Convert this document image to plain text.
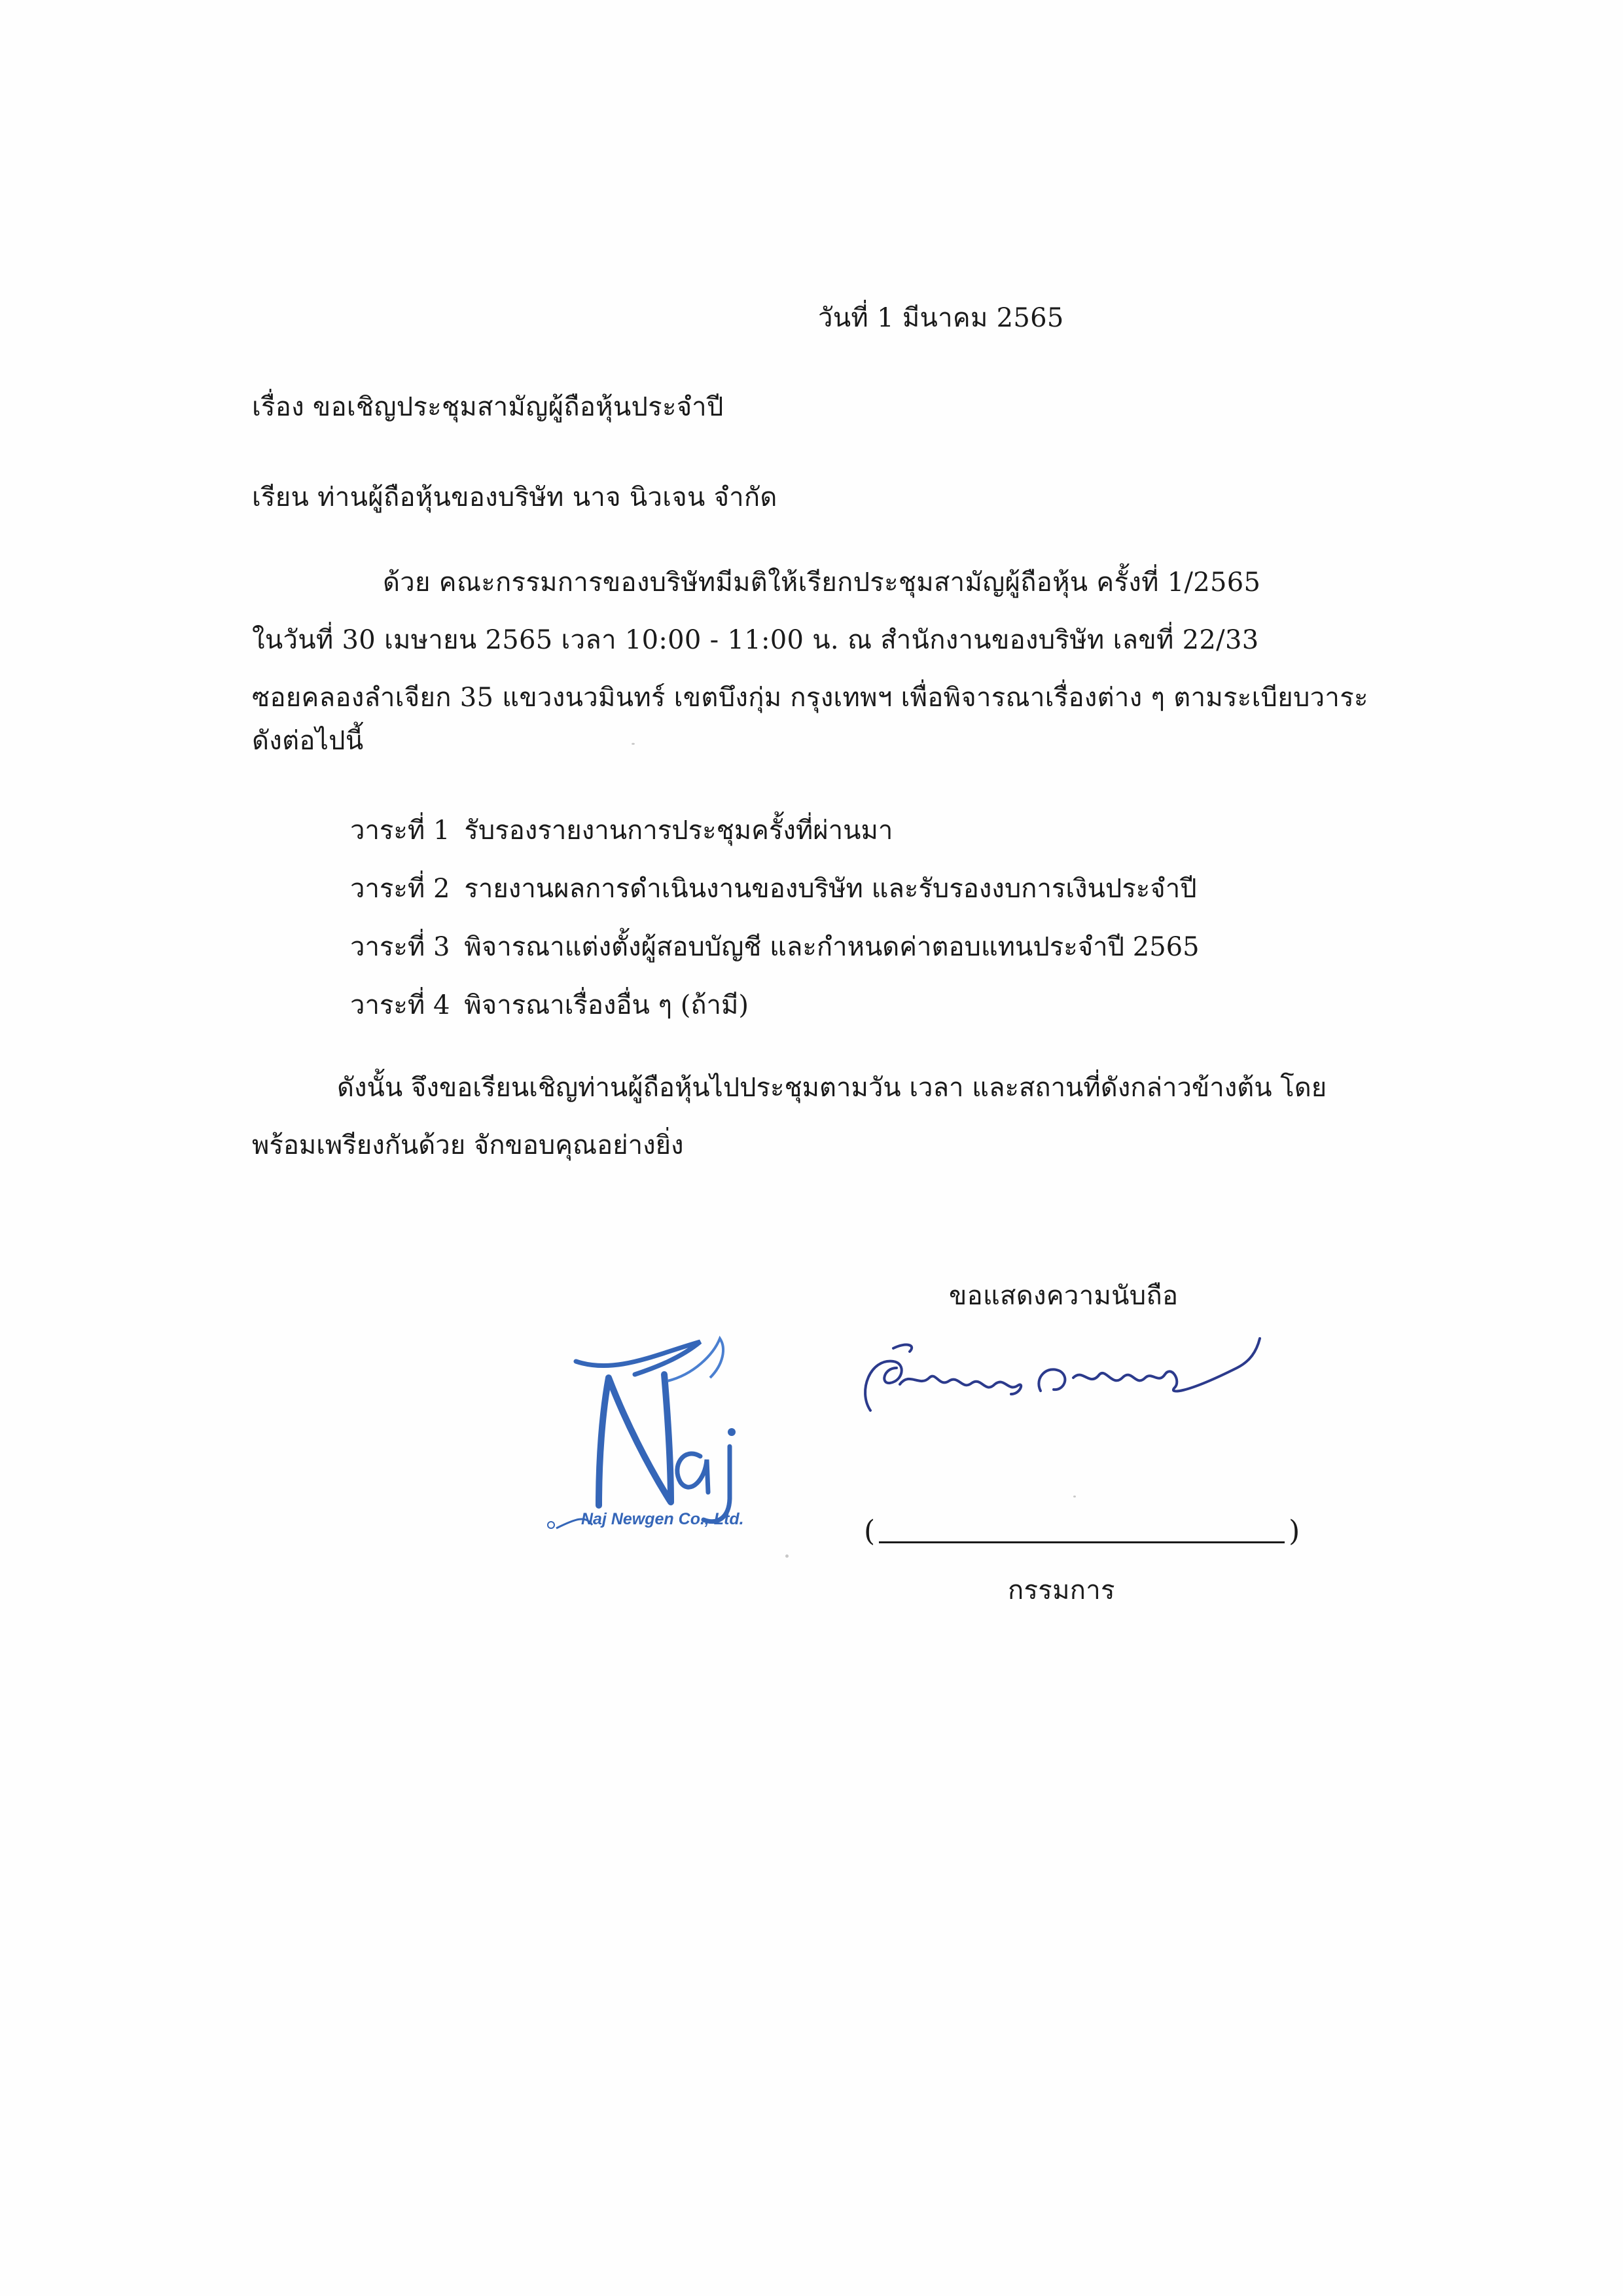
วันที่ 1 มีนาคม 2565
เรื่อง ขอเชิญประชุมสามัญผู้ถือหุ้นประจำปี
เรียน ท่านผู้ถือหุ้นของบริษัท นาจ นิวเจน จำกัด
ด้วย คณะกรรมการของบริษัทมีมติให้เรียกประชุมสามัญผู้ถือหุ้น ครั้งที่ 1/2565
ในวันที่ 30 เมษายน 2565 เวลา 10:00 - 11:00 น. ณ สำนักงานของบริษัท เลขที่ 22/33
ซอยคลองลำเจียก 35 แขวงนวมินทร์ เขตบึงกุ่ม กรุงเทพฯ เพื่อพิจารณาเรื่องต่าง ๆ ตามระเบียบวาระ
ดังต่อไปนี้
วาระที่ 1 รับรองรายงานการประชุมครั้งที่ผ่านมา
วาระที่ 2 รายงานผลการดำเนินงานของบริษัท และรับรองงบการเงินประจำปี
วาระที่ 3 พิจารณาแต่งตั้งผู้สอบบัญชี และกำหนดค่าตอบแทนประจำปี 2565
วาระที่ 4 พิจารณาเรื่องอื่น ๆ (ถ้ามี)
ดังนั้น จึงขอเรียนเชิญท่านผู้ถือหุ้นไปประชุมตามวัน เวลา และสถานที่ดังกล่าวข้างต้น โดย
พร้อมเพรียงกันด้วย จักขอบคุณอย่างยิ่ง
ขอแสดงความนับถือ
Naj Newgen Co., Ltd.	(	)
กรรมการ
